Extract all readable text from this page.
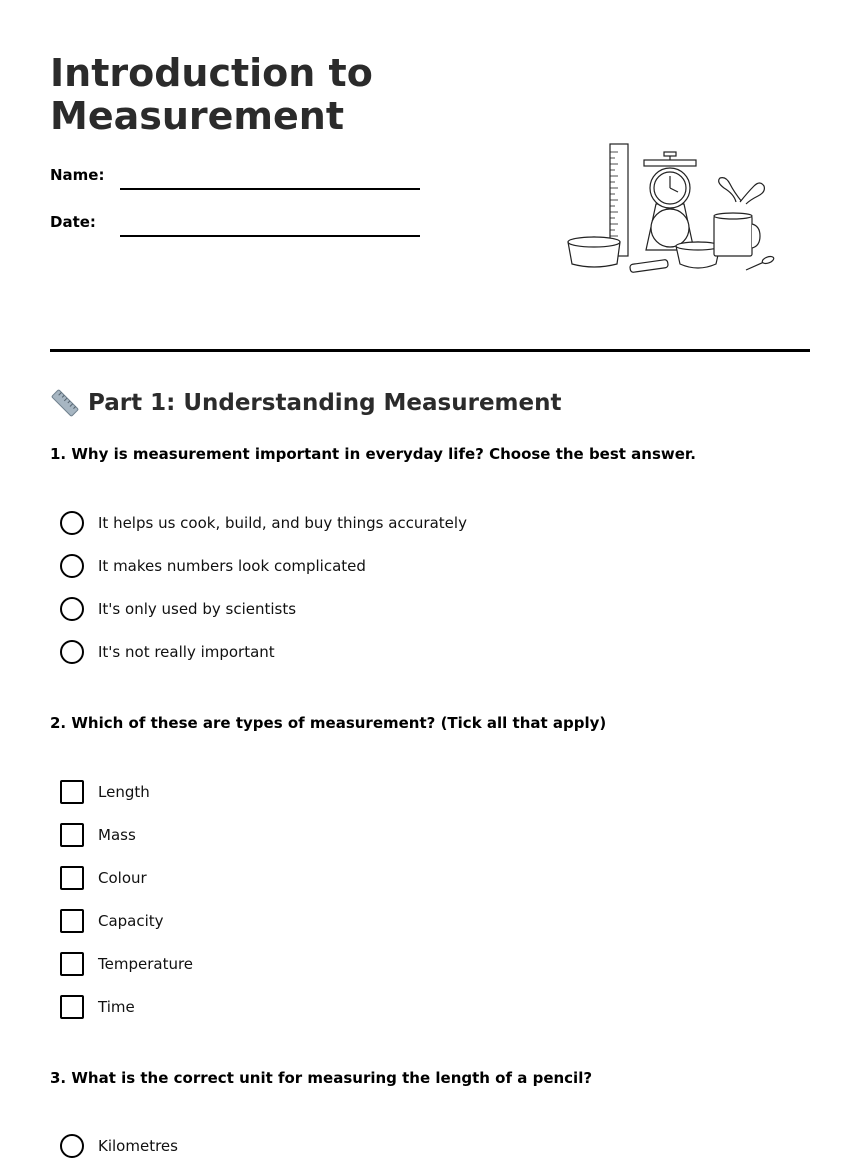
Introduction to Measurement
Name:
Date:
Part 1: Understanding Measurement

1. Why is measurement important in everyday life? Choose the best answer.

It helps us cook, build, and buy things accurately
It makes numbers look complicated
It's only used by scientists
It's not really important

2. Which of these are types of measurement? (Tick all that apply)

Length
Mass
Colour
Capacity
Temperature
Time

3. What is the correct unit for measuring the length of a pencil?

Kilometres
